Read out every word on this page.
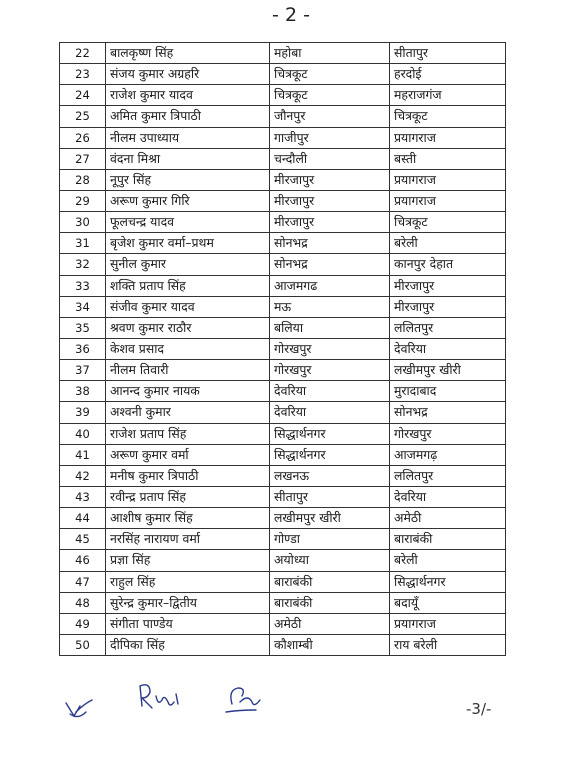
- 2 -
22	बालकृष्ण सिंह	महोबा	सीतापुर
23	संजय कुमार अग्रहरि	चित्रकूट	हरदोई
24	राजेश कुमार यादव	चित्रकूट	महराजगंज
25	अमित कुमार त्रिपाठी	जौनपुर	चित्रकूट
26	नीलम उपाध्याय	गाजीपुर	प्रयागराज
27	वंदना मिश्रा	चन्दौली	बस्ती
28	नूपुर सिंह	मीरजापुर	प्रयागराज
29	अरूण कुमार गिरि	मीरजापुर	प्रयागराज
30	फूलचन्द्र यादव	मीरजापुर	चित्रकूट
31	बृजेश कुमार वर्मा–प्रथम	सोनभद्र	बरेली
32	सुनील कुमार	सोनभद्र	कानपुर देहात
33	शक्ति प्रताप सिंह	आजमगढ	मीरजापुर
34	संजीव कुमार यादव	मऊ	मीरजापुर
35	श्रवण कुमार राठौर	बलिया	ललितपुर
36	केशव प्रसाद	गोरखपुर	देवरिया
37	नीलम तिवारी	गोरखपुर	लखीमपुर खीरी
38	आनन्द कुमार नायक	देवरिया	मुरादाबाद
39	अश्वनी कुमार	देवरिया	सोनभद्र
40	राजेश प्रताप सिंह	सिद्धार्थनगर	गोरखपुर
41	अरूण कुमार वर्मा	सिद्धार्थनगर	आजमगढ़
42	मनीष कुमार त्रिपाठी	लखनऊ	ललितपुर
43	रवीन्द्र प्रताप सिंह	सीतापुर	देवरिया
44	आशीष कुमार सिंह	लखीमपुर खीरी	अमेठी
45	नरसिंह नारायण वर्मा	गोण्डा	बाराबंकी
46	प्रज्ञा सिंह	अयोध्या	बरेली
47	राहुल सिंह	बाराबंकी	सिद्धार्थनगर
48	सुरेन्द्र कुमार–द्वितीय	बाराबंकी	बदायूँ
49	संगीता पाण्डेय	अमेठी	प्रयागराज
50	दीपिका सिंह	कौशाम्बी	राय बरेली
-3/-
